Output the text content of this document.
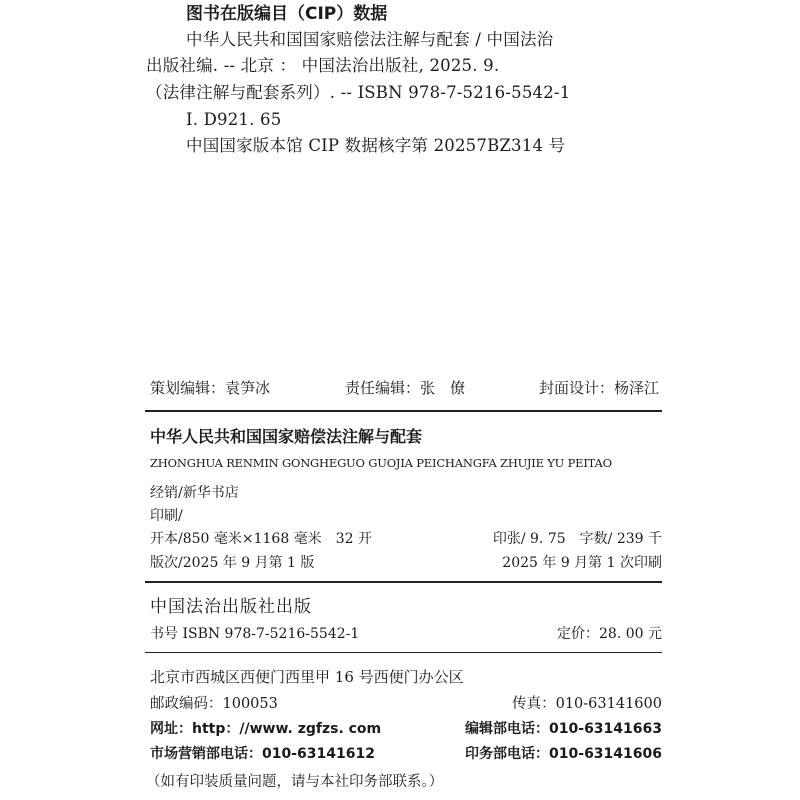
图书在版编目（CIP）数据
中华人民共和国国家赔偿法注解与配套 / 中国法治
出版社编. -- 北京 ： 中国法治出版社, 2025. 9.
（法律注解与配套系列）. -- ISBN 978-7-5216-5542-1
Ⅰ. D921. 65
中国国家版本馆 CIP 数据核字第 20257BZ314 号
策划编辑：袁笋冰	责任编辑：张　僚	封面设计：杨泽江
中华人民共和国国家赔偿法注解与配套
ZHONGHUA RENMIN GONGHEGUO GUOJIA PEICHANGFA ZHUJIE YU PEITAO
经销/新华书店
印刷/
开本/850 毫米×1168 毫米　32 开	印张/ 9. 75　字数/ 239 千
版次/2025 年 9 月第 1 版	2025 年 9 月第 1 次印刷
中国法治出版社出版
书号 ISBN 978-7-5216-5542-1	定价：28. 00 元
北京市西城区西便门西里甲 16 号西便门办公区
邮政编码：100053	传真：010-63141600
网址：http：//www. zgfzs. com	编辑部电话：010-63141663
市场营销部电话：010-63141612	印务部电话：010-63141606
（如有印装质量问题，请与本社印务部联系。）
